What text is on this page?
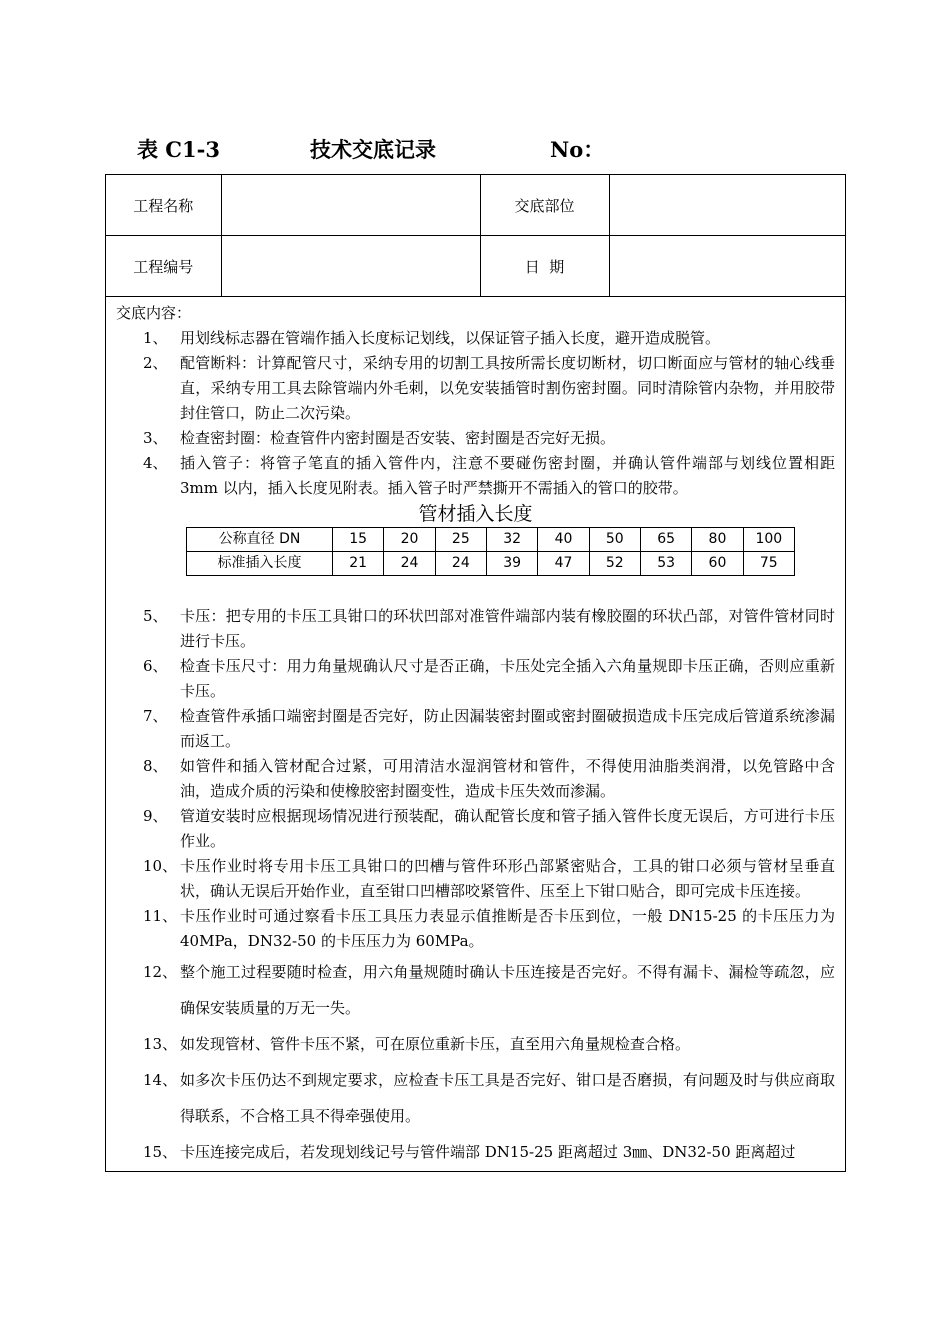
表 C1-3	技术交底记录	No：
工程名称		交底部位	
工程编号		日  期	
交底内容：
1、 用划线标志器在管端作插入长度标记划线，以保证管子插入长度，避开造成脱管。
2、 配管断料：计算配管尺寸，采纳专用的切割工具按所需长度切断材，切口断面应与管材的轴心线垂直，采纳专用工具去除管端内外毛刺，以免安装插管时割伤密封圈。同时清除管内杂物，并用胶带封住管口，防止二次污染。
3、 检查密封圈：检查管件内密封圈是否安装、密封圈是否完好无损。
4、 插入管子：将管子笔直的插入管件内，注意不要碰伤密封圈，并确认管件端部与划线位置相距 3mm 以内，插入长度见附表。插入管子时严禁撕开不需插入的管口的胶带。
管材插入长度
公称直径 DN	15	20	25	32	40	50	65	80	100
标准插入长度	21	24	24	39	47	52	53	60	75
5、 卡压：把专用的卡压工具钳口的环状凹部对准管件端部内装有橡胶圈的环状凸部，对管件管材同时进行卡压。
6、 检查卡压尺寸：用力角量规确认尺寸是否正确，卡压处完全插入六角量规即卡压正确，否则应重新卡压。
7、 检查管件承插口端密封圈是否完好，防止因漏装密封圈或密封圈破损造成卡压完成后管道系统渗漏而返工。
8、 如管件和插入管材配合过紧，可用清洁水湿润管材和管件，不得使用油脂类润滑，以免管路中含油，造成介质的污染和使橡胶密封圈变性，造成卡压失效而渗漏。
9、 管道安装时应根据现场情况进行预装配，确认配管长度和管子插入管件长度无误后，方可进行卡压作业。
10、 卡压作业时将专用卡压工具钳口的凹槽与管件环形凸部紧密贴合，工具的钳口必须与管材呈垂直状，确认无误后开始作业，直至钳口凹槽部咬紧管件、压至上下钳口贴合，即可完成卡压连接。
11、 卡压作业时可通过察看卡压工具压力表显示值推断是否卡压到位，一般 DN15-25 的卡压压力为 40MPa，DN32-50 的卡压压力为 60MPa。
12、 整个施工过程要随时检查，用六角量规随时确认卡压连接是否完好。不得有漏卡、漏检等疏忽，应确保安装质量的万无一失。
13、 如发现管材、管件卡压不紧，可在原位重新卡压，直至用六角量规检查合格。
14、 如多次卡压仍达不到规定要求，应检查卡压工具是否完好、钳口是否磨损，有问题及时与供应商取得联系，不合格工具不得牵强使用。
15、 卡压连接完成后，若发现划线记号与管件端部 DN15-25 距离超过 3㎜、DN32-50 距离超过
